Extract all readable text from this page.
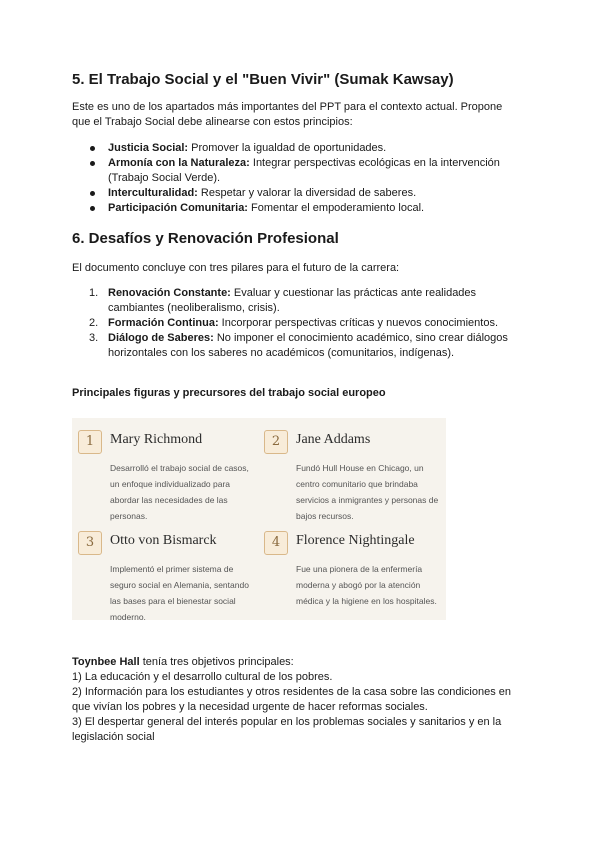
5. El Trabajo Social y el "Buen Vivir" (Sumak Kawsay)

Este es uno de los apartados más importantes del PPT para el contexto actual. Propone
que el Trabajo Social debe alinearse con estos principios:

Justicia Social: Promover la igualdad de oportunidades.
Armonía con la Naturaleza: Integrar perspectivas ecológicas en la intervención (Trabajo Social Verde).
Interculturalidad: Respetar y valorar la diversidad de saberes.
Participación Comunitaria: Fomentar el empoderamiento local.
6. Desafíos y Renovación Profesional

El documento concluye con tres pilares para el futuro de la carrera:

1. Renovación Constante: Evaluar y cuestionar las prácticas ante realidades cambiantes (neoliberalismo, crisis).
2. Formación Continua: Incorporar perspectivas críticas y nuevos conocimientos.
3. Diálogo de Saberes: No imponer el conocimiento académico, sino crear diálogos horizontales con los saberes no académicos (comunitarios, indígenas).

Principales figuras y precursores del trabajo social europeo

1	Mary Richmond

Desarrolló el trabajo social de casos, un enfoque individualizado para abordar las necesidades de las personas.

2	Jane Addams

Fundó Hull House en Chicago, un centro comunitario que brindaba servicios a inmigrantes y personas de bajos recursos.

3	Otto von Bismarck

Implementó el primer sistema de seguro social en Alemania, sentando las bases para el bienestar social moderno.

4	Florence Nightingale

Fue una pionera de la enfermería moderna y abogó por la atención médica y la higiene en los hospitales.

Toynbee Hall tenía tres objetivos principales:

1) La educación y el desarrollo cultural de los pobres.

2) Información para los estudiantes y otros residentes de la casa sobre las condiciones en que vivían los pobres y la necesidad urgente de hacer reformas sociales.

3) El despertar general del interés popular en los problemas sociales y sanitarios y en la legislación social
